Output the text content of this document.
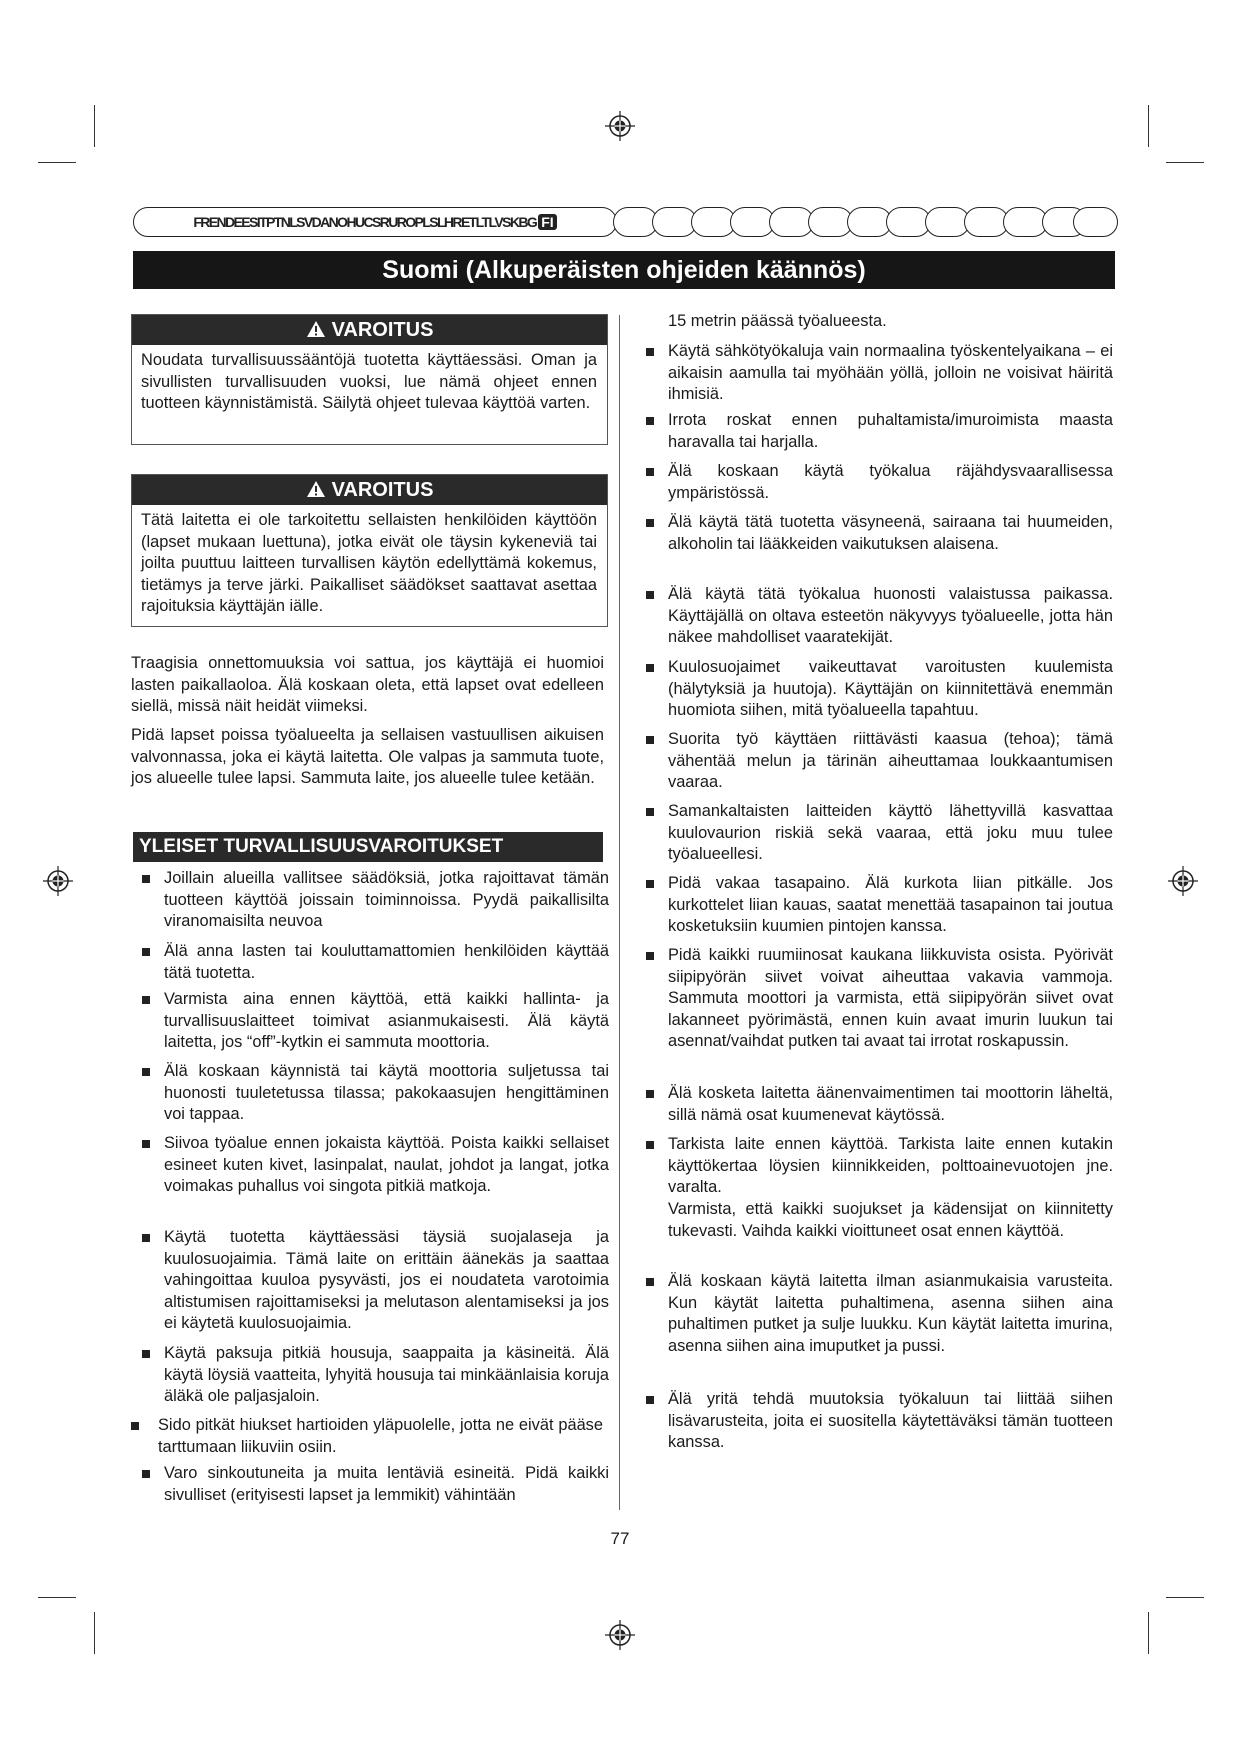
FRENDEESITPTNLSVDANOHUCSRUROPLSLHRETLTLVSKBG FI
Suomi (Alkuperäisten ohjeiden käännös)
VAROITUS
Noudata turvallisuussääntöjä tuotetta käyttäessäsi. Oman ja sivullisten turvallisuuden vuoksi, lue nämä ohjeet ennen tuotteen käynnistämistä. Säilytä ohjeet tulevaa käyttöä varten.
VAROITUS
Tätä laitetta ei ole tarkoitettu sellaisten henkilöiden käyttöön (lapset mukaan luettuna), jotka eivät ole täysin kykeneviä tai joilta puuttuu laitteen turvallisen käytön edellyttämä kokemus, tietämys ja terve järki. Paikalliset säädökset saattavat asettaa rajoituksia käyttäjän iälle.
Traagisia onnettomuuksia voi sattua, jos käyttäjä ei huomioi lasten paikallaoloa. Älä koskaan oleta, että lapset ovat edelleen siellä, missä näit heidät viimeksi.
Pidä lapset poissa työalueelta ja sellaisen vastuullisen aikuisen valvonnassa, joka ei käytä laitetta. Ole valpas ja sammuta tuote, jos alueelle tulee lapsi. Sammuta laite, jos alueelle tulee ketään.
YLEISET TURVALLISUUSVAROITUKSET
Joillain alueilla vallitsee säädöksiä, jotka rajoittavat tämän tuotteen käyttöä joissain toiminnoissa. Pyydä paikallisilta viranomaisilta neuvoa
Älä anna lasten tai kouluttamattomien henkilöiden käyttää tätä tuotetta.
Varmista aina ennen käyttöä, että kaikki hallinta- ja turvallisuuslaitteet toimivat asianmukaisesti. Älä käytä laitetta, jos “off”-kytkin ei sammuta moottoria.
Älä koskaan käynnistä tai käytä moottoria suljetussa tai huonosti tuuletetussa tilassa; pakokaasujen hengittäminen voi tappaa.
Siivoa työalue ennen jokaista käyttöä. Poista kaikki sellaiset esineet kuten kivet, lasinpalat, naulat, johdot ja langat, jotka voimakas puhallus voi singota pitkiä matkoja.
Käytä tuotetta käyttäessäsi täysiä suojalaseja ja kuulosuojaimia. Tämä laite on erittäin äänekäs ja saattaa vahingoittaa kuuloa pysyvästi, jos ei noudateta varotoimia altistumisen rajoittamiseksi ja melutason alentamiseksi ja jos ei käytetä kuulosuojaimia.
Käytä paksuja pitkiä housuja, saappaita ja käsineitä. Älä käytä löysiä vaatteita, lyhyitä housuja tai minkäänlaisia koruja äläkä ole paljasjaloin.
Sido pitkät hiukset hartioiden yläpuolelle, jotta ne eivät pääse tarttumaan liikuviin osiin.
Varo sinkoutuneita ja muita lentäviä esineitä. Pidä kaikki sivulliset (erityisesti lapset ja lemmikit) vähintään
15 metrin päässä työalueesta.
Käytä sähkötyökaluja vain normaalina työskentelyaikana – ei aikaisin aamulla tai myöhään yöllä, jolloin ne voisivat häiritä ihmisiä.
Irrota roskat ennen puhaltamista/imuroimista maasta haravalla tai harjalla.
Älä koskaan käytä työkalua räjähdysvaarallisessa ympäristössä.
Älä käytä tätä tuotetta väsyneenä, sairaana tai huumeiden, alkoholin tai lääkkeiden vaikutuksen alaisena.
Älä käytä tätä työkalua huonosti valaistussa paikassa. Käyttäjällä on oltava esteetön näkyvyys työalueelle, jotta hän näkee mahdolliset vaaratekijät.
Kuulosuojaimet vaikeuttavat varoitusten kuulemista (hälytyksiä ja huutoja). Käyttäjän on kiinnitettävä enemmän huomiota siihen, mitä työalueella tapahtuu.
Suorita työ käyttäen riittävästi kaasua (tehoa); tämä vähentää melun ja tärinän aiheuttamaa loukkaantumisen vaaraa.
Samankaltaisten laitteiden käyttö lähettyvillä kasvattaa kuulovaurion riskiä sekä vaaraa, että joku muu tulee työalueellesi.
Pidä vakaa tasapaino. Älä kurkota liian pitkälle. Jos kurkottelet liian kauas, saatat menettää tasapainon tai joutua kosketuksiin kuumien pintojen kanssa.
Pidä kaikki ruumiinosat kaukana liikkuvista osista. Pyörivät siipipyörän siivet voivat aiheuttaa vakavia vammoja. Sammuta moottori ja varmista, että siipipyörän siivet ovat lakanneet pyörimästä, ennen kuin avaat imurin luukun tai asennat/vaihdat putken tai avaat tai irrotat roskapussin.
Älä kosketa laitetta äänenvaimentimen tai moottorin läheltä, sillä nämä osat kuumenevat käytössä.
Tarkista laite ennen käyttöä. Tarkista laite ennen kutakin käyttökertaa löysien kiinnikkeiden, polttoainevuotojen jne. varalta.
Varmista, että kaikki suojukset ja kädensijat on kiinnitetty tukevasti. Vaihda kaikki vioittuneet osat ennen käyttöä.
Älä koskaan käytä laitetta ilman asianmukaisia varusteita. Kun käytät laitetta puhaltimena, asenna siihen aina puhaltimen putket ja sulje luukku. Kun käytät laitetta imurina, asenna siihen aina imuputket ja pussi.
Älä yritä tehdä muutoksia työkaluun tai liittää siihen lisävarusteita, joita ei suositella käytettäväksi tämän tuotteen kanssa.
77
